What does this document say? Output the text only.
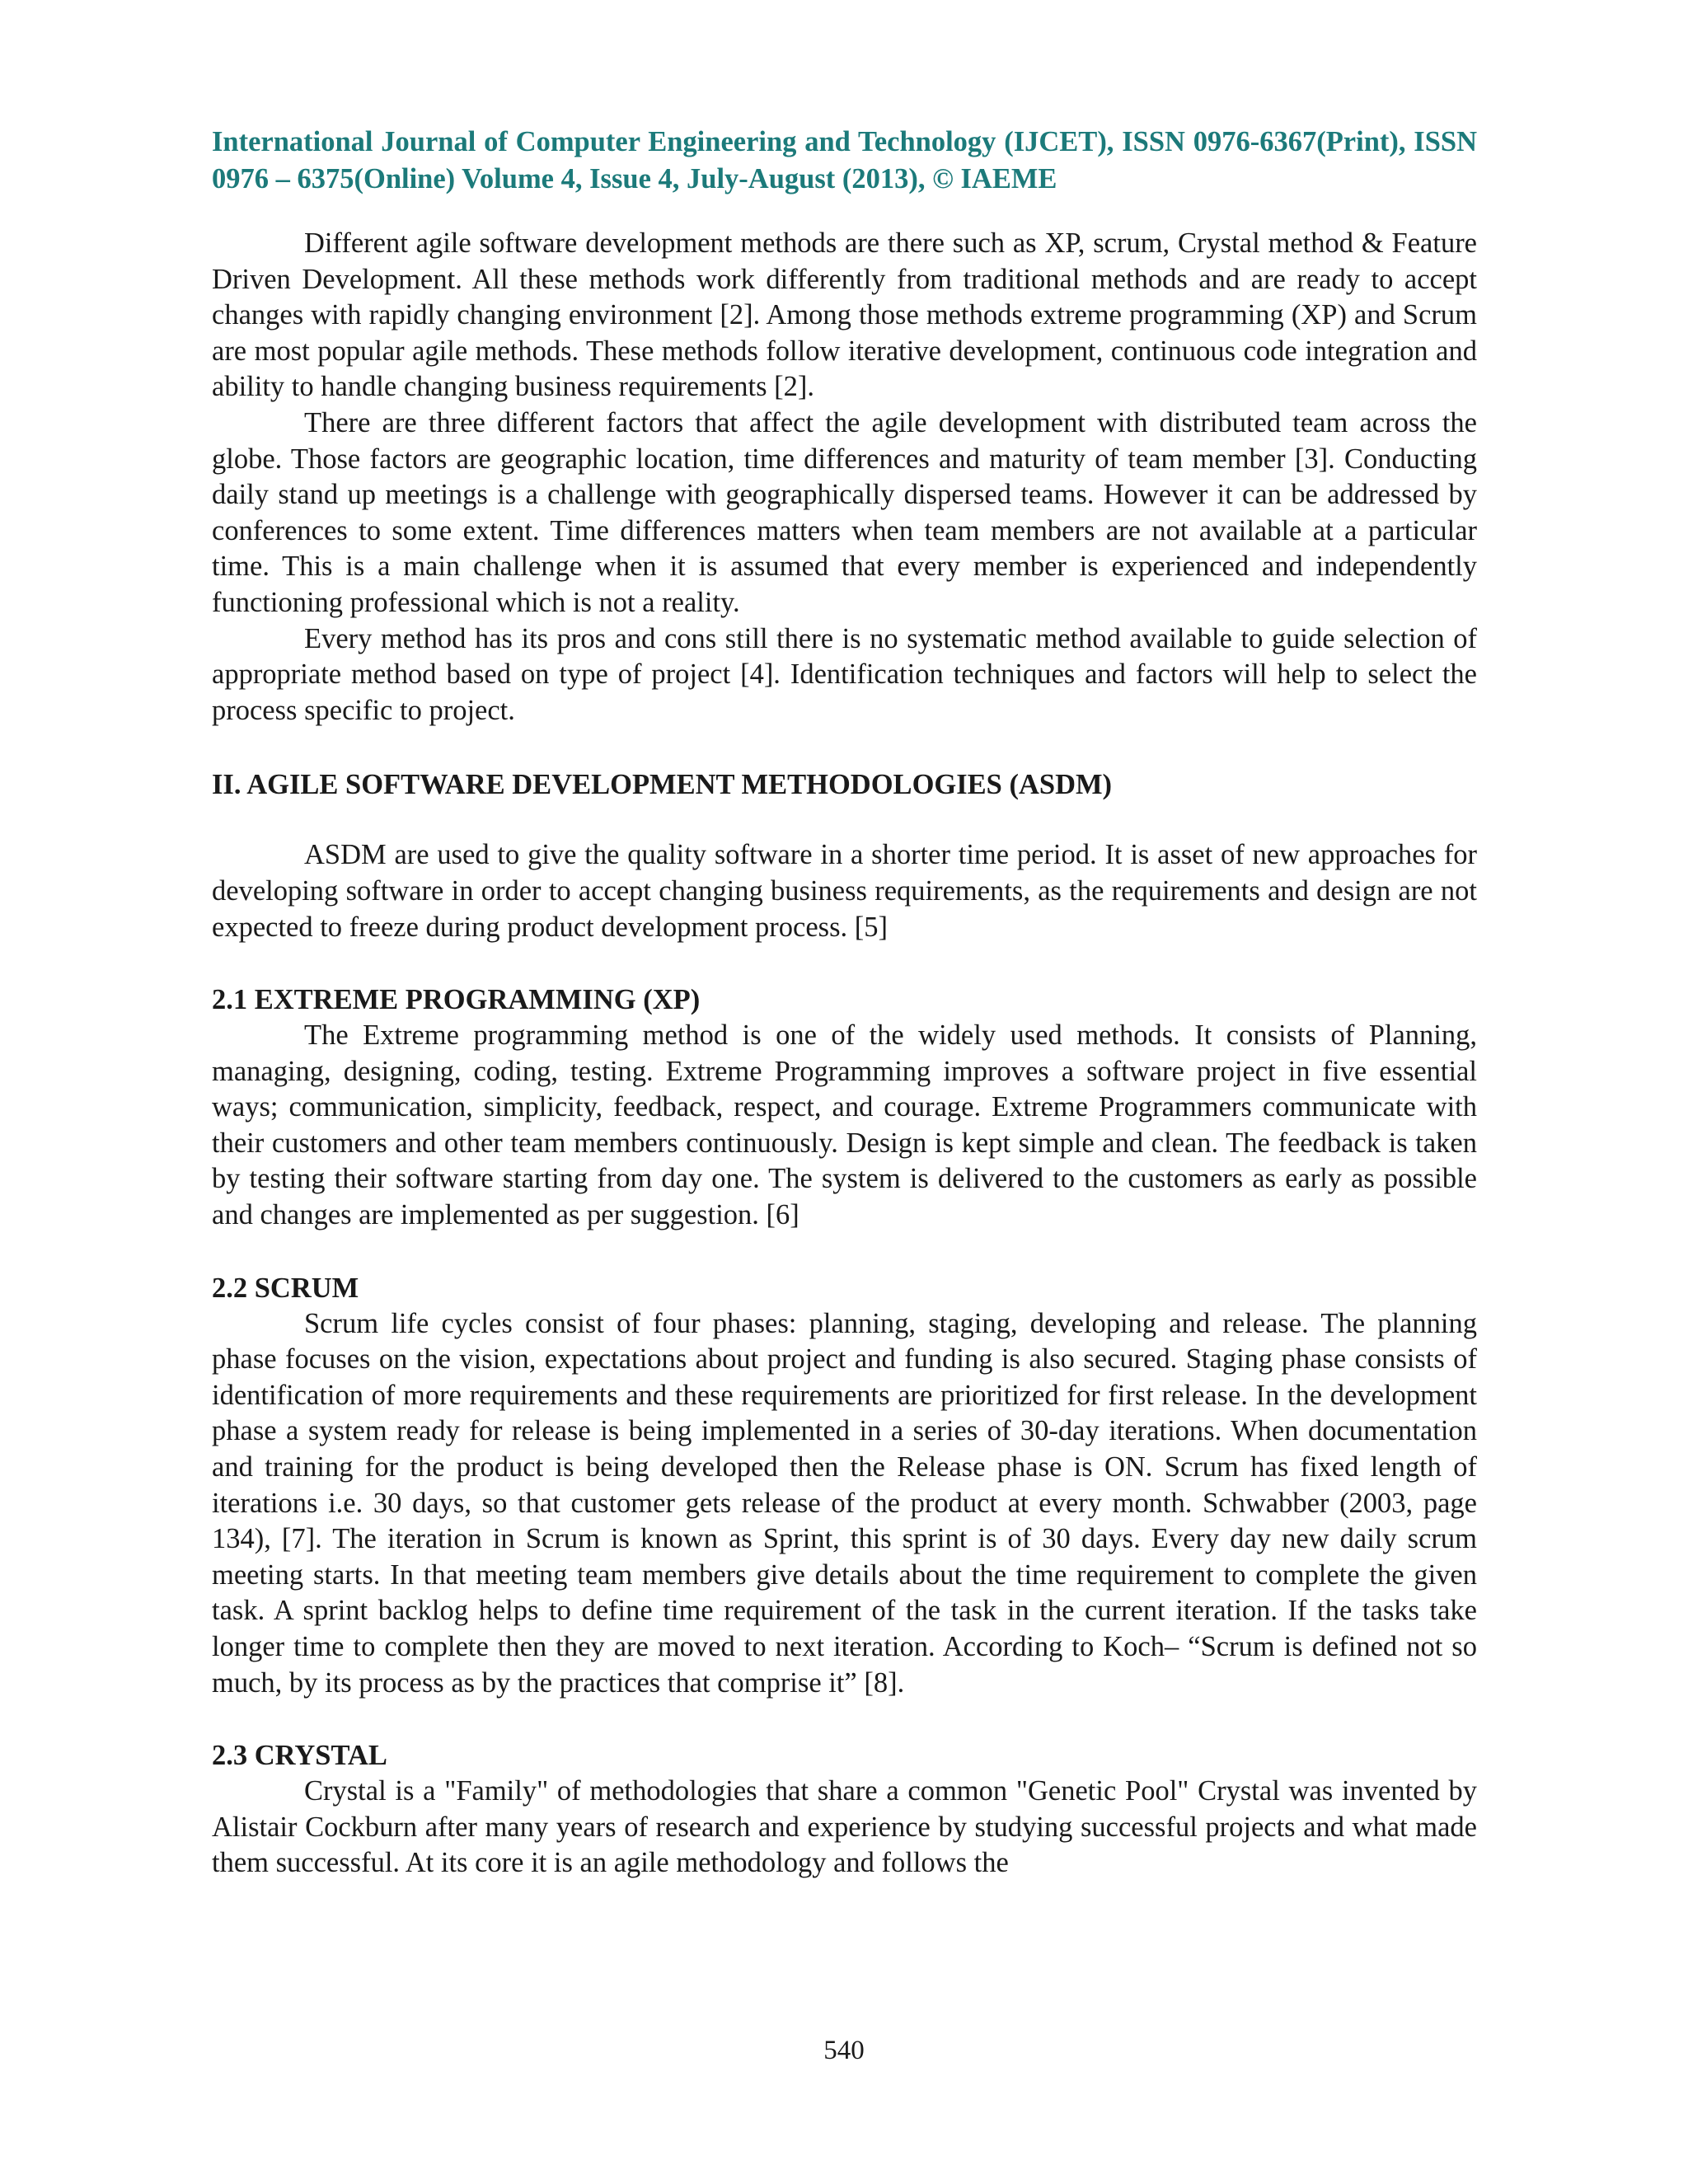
International Journal of Computer Engineering and Technology (IJCET), ISSN 0976-6367(Print), ISSN 0976 – 6375(Online) Volume 4, Issue 4, July-August (2013), © IAEME

Different agile software development methods are there such as XP, scrum, Crystal method & Feature Driven Development. All these methods work differently from traditional methods and are ready to accept changes with rapidly changing environment [2]. Among those methods extreme programming (XP) and Scrum are most popular agile methods. These methods follow iterative development, continuous code integration and ability to handle changing business requirements [2].

There are three different factors that affect the agile development with distributed team across the globe. Those factors are geographic location, time differences and maturity of team member [3]. Conducting daily stand up meetings is a challenge with geographically dispersed teams. However it can be addressed by conferences to some extent. Time differences matters when team members are not available at a particular time. This is a main challenge when it is assumed that every member is experienced and independently functioning professional which is not a reality.

Every method has its pros and cons still there is no systematic method available to guide selection of appropriate method based on type of project [4]. Identification techniques and factors will help to select the process specific to project.

II. AGILE SOFTWARE DEVELOPMENT METHODOLOGIES (ASDM)

ASDM are used to give the quality software in a shorter time period. It is asset of new approaches for developing software in order to accept changing business requirements, as the requirements and design are not expected to freeze during product development process. [5]

2.1 EXTREME PROGRAMMING (XP)

The Extreme programming method is one of the widely used methods. It consists of Planning, managing, designing, coding, testing. Extreme Programming improves a software project in five essential ways; communication, simplicity, feedback, respect, and courage. Extreme Programmers communicate with their customers and other team members continuously. Design is kept simple and clean. The feedback is taken by testing their software starting from day one. The system is delivered to the customers as early as possible and changes are implemented as per suggestion. [6]

2.2 SCRUM

Scrum life cycles consist of four phases: planning, staging, developing and release. The planning phase focuses on the vision, expectations about project and funding is also secured. Staging phase consists of identification of more requirements and these requirements are prioritized for first release. In the development phase a system ready for release is being implemented in a series of 30-day iterations. When documentation and training for the product is being developed then the Release phase is ON. Scrum has fixed length of iterations i.e. 30 days, so that customer gets release of the product at every month. Schwabber (2003, page 134), [7]. The iteration in Scrum is known as Sprint, this sprint is of 30 days. Every day new daily scrum meeting starts. In that meeting team members give details about the time requirement to complete the given task. A sprint backlog helps to define time requirement of the task in the current iteration. If the tasks take longer time to complete then they are moved to next iteration. According to Koch– “Scrum is defined not so much, by its process as by the practices that comprise it” [8].

2.3 CRYSTAL

Crystal is a "Family" of methodologies that share a common "Genetic Pool" Crystal was invented by Alistair Cockburn after many years of research and experience by studying successful projects and what made them successful. At its core it is an agile methodology and follows the

540
